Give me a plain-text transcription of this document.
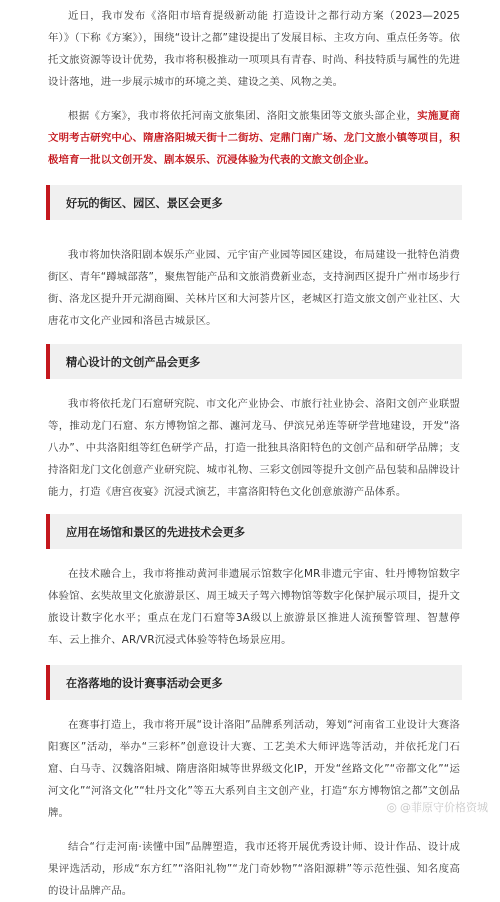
近日，我市发布《洛阳市培育提级新动能 打造设计之都行动方案（2023—2025年）》（下称《方案》），围绕“设计之都”建设提出了发展目标、主攻方向、重点任务等。依托文旅资源等设计优势，我市将积极推动一项项具有青春、时尚、科技特质与属性的先进设计落地，进一步展示城市的环境之美、建设之美、风物之美。

根据《方案》，我市将依托河南文旅集团、洛阳文旅集团等文旅头部企业，实施夏商文明考古研究中心、隋唐洛阳城天街十二街坊、定鼎门南广场、龙门文旅小镇等项目，积极培育一批以文创开发、剧本娱乐、沉浸体验为代表的文旅文创企业。

好玩的街区、园区、景区会更多

我市将加快洛阳剧本娱乐产业园、元宇宙产业园等园区建设，布局建设一批特色消费街区、青年“蹲城部落”，聚焦智能产品和文旅消费新业态，支持涧西区提升广州市场步行街、洛龙区提升开元湖商圈、关林片区和大河荟片区，老城区打造文旅文创产业社区、大唐花市文化产业园和洛邑古城景区。

精心设计的文创产品会更多

我市将依托龙门石窟研究院、市文化产业协会、市旅行社业协会、洛阳文创产业联盟等，推动龙门石窟、东方博物馆之都、瀍河龙马、伊滨兄弟连等研学营地建设，开发“洛八办”、中共洛阳组等红色研学产品，打造一批独具洛阳特色的文创产品和研学品牌；支持洛阳龙门文化创意产业研究院、城市礼物、三彩文创园等提升文创产品包装和品牌设计能力，打造《唐宫夜宴》沉浸式演艺，丰富洛阳特色文化创意旅游产品体系。

应用在场馆和景区的先进技术会更多

在技术融合上，我市将推动黄河非遗展示馆数字化MR非遗元宇宙、牡丹博物馆数字体验馆、玄奘故里文化旅游景区、周王城天子驾六博物馆等数字化保护展示项目，提升文旅设计数字化水平；重点在龙门石窟等3A级以上旅游景区推进人流预警管理、智慧停车、云上推介、AR/VR沉浸式体验等特色场景应用。

在洛落地的设计赛事活动会更多

在赛事打造上，我市将开展“设计洛阳”品牌系列活动，筹划“河南省工业设计大赛洛阳赛区”活动，举办“三彩杯”创意设计大赛、工艺美术大师评选等活动，并依托龙门石窟、白马寺、汉魏洛阳城、隋唐洛阳城等世界级文化IP，开发“丝路文化”“帝都文化”“运河文化”“河洛文化”“牡丹文化”等五大系列自主文创产业，打造“东方博物馆之都”文创品牌。

结合“行走河南·读懂中国”品牌塑造，我市还将开展优秀设计师、设计作品、设计成果评选活动，形成“东方红”“洛阳礼物”“龙门奇妙物”“洛阳源耕”等示范性强、知名度高的设计品牌产品。

◎ @菲原守价格资城
